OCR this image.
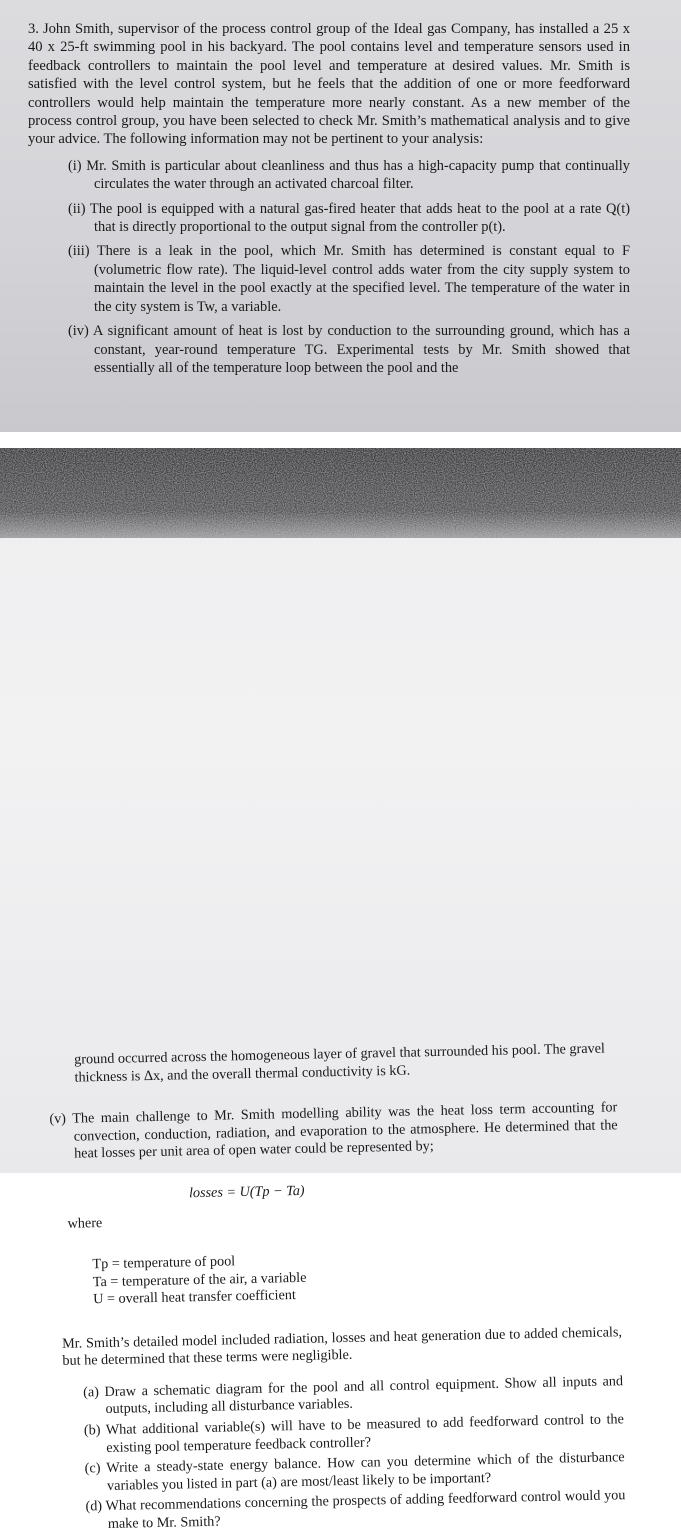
3. John Smith, supervisor of the process control group of the Ideal gas Company, has installed a 25 x 40 x 25-ft swimming pool in his backyard. The pool contains level and temperature sensors used in feedback controllers to maintain the pool level and temperature at desired values. Mr. Smith is satisfied with the level control system, but he feels that the addition of one or more feedforward controllers would help maintain the temperature more nearly constant. As a new member of the process control group, you have been selected to check Mr. Smith’s mathematical analysis and to give your advice. The following information may not be pertinent to your analysis:

(i) Mr. Smith is particular about cleanliness and thus has a high-capacity pump that continually circulates the water through an activated charcoal filter.
(ii) The pool is equipped with a natural gas-fired heater that adds heat to the pool at a rate Q(t) that is directly proportional to the output signal from the controller p(t).
(iii) There is a leak in the pool, which Mr. Smith has determined is constant equal to F (volumetric flow rate). The liquid-level control adds water from the city supply system to maintain the level in the pool exactly at the specified level. The temperature of the water in the city system is Tw, a variable.
(iv) A significant amount of heat is lost by conduction to the surrounding ground, which has a constant, year-round temperature TG. Experimental tests by Mr. Smith showed that essentially all of the temperature loop between the pool and the

ground occurred across the homogeneous layer of gravel that surrounded his pool. The gravel thickness is Δx, and the overall thermal conductivity is kG.

(v) The main challenge to Mr. Smith modelling ability was the heat loss term accounting for convection, conduction, radiation, and evaporation to the atmosphere. He determined that the heat losses per unit area of open water could be represented by;

losses = U(Tp − Ta)

where

Tp = temperature of pool
Ta = temperature of the air, a variable
U = overall heat transfer coefficient

Mr. Smith’s detailed model included radiation, losses and heat generation due to added chemicals, but he determined that these terms were negligible.

(a) Draw a schematic diagram for the pool and all control equipment. Show all inputs and outputs, including all disturbance variables.
(b) What additional variable(s) will have to be measured to add feedforward control to the existing pool temperature feedback controller?
(c) Write a steady-state energy balance. How can you determine which of the disturbance variables you listed in part (a) are most/least likely to be important?
(d) What recommendations concerning the prospects of adding feedforward control would you make to Mr. Smith?
